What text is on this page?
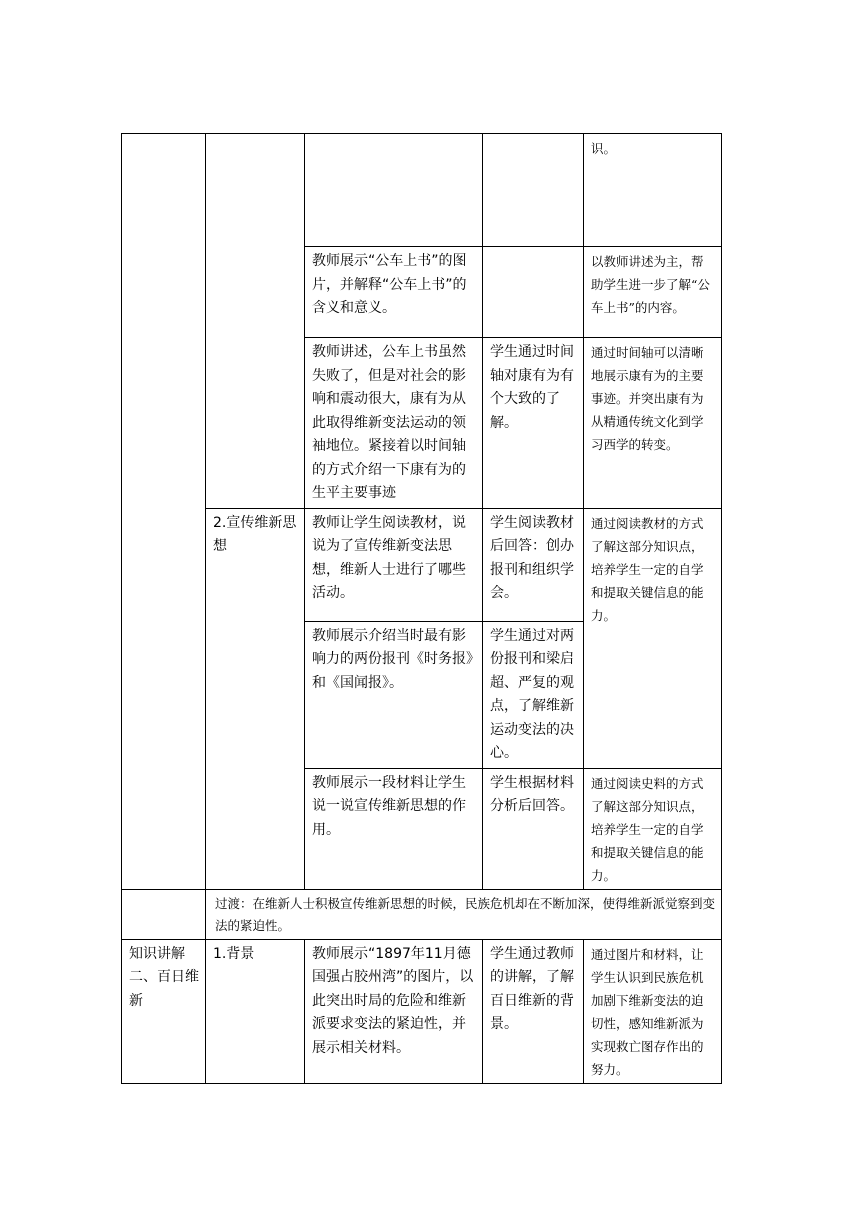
				识。
		教师展示“公车上书”的图片，并解释“公车上书”的含义和意义。		以教师讲述为主，帮助学生进一步了解“公车上书”的内容。
		教师讲述，公车上书虽然失败了，但是对社会的影响和震动很大，康有为从此取得维新变法运动的领袖地位。紧接着以时间轴的方式介绍一下康有为的生平主要事迹	学生通过时间轴对康有为有个大致的了解。	通过时间轴可以清晰地展示康有为的主要事迹。并突出康有为从精通传统文化到学习西学的转变。
	2.宣传维新思想	教师让学生阅读教材，说说为了宣传维新变法思想，维新人士进行了哪些活动。	学生阅读教材后回答：创办报刊和组织学会。	通过阅读教材的方式了解这部分知识点，培养学生一定的自学和提取关键信息的能力。
		教师展示介绍当时最有影响力的两份报刊《时务报》和《国闻报》。	学生通过对两份报刊和梁启超、严复的观点，了解维新运动变法的决心。	
		教师展示一段材料让学生说一说宣传维新思想的作用。	学生根据材料分析后回答。	通过阅读史料的方式了解这部分知识点，培养学生一定的自学和提取关键信息的能力。
	过渡：在维新人士积极宣传维新思想的时候，民族危机却在不断加深，使得维新派觉察到变法的紧迫性。			
知识讲解二、百日维新	1.背景	教师展示“1897年11月德国强占胶州湾”的图片，以此突出时局的危险和维新派要求变法的紧迫性，并展示相关材料。	学生通过教师的讲解，了解百日维新的背景。	通过图片和材料，让学生认识到民族危机加剧下维新变法的迫切性，感知维新派为实现救亡图存作出的努力。
